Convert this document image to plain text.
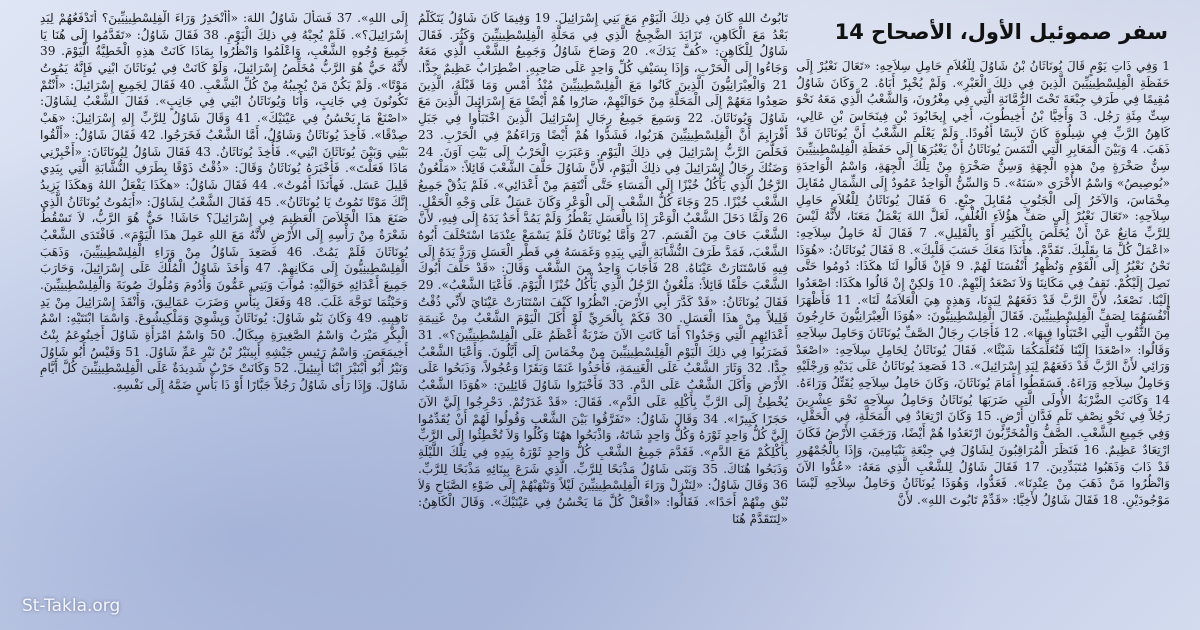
سفر صموئيل الأول، الأصحاح 14

1 وَفِي ذَاتِ يَوْمٍ قَالَ يُونَاثَانُ بْنُ شَاوُلَ لِلْغُلاَمِ حَامِلِ سِلاَحِهِ: «تَعَالَ نَعْبُرْ إِلَى حَفَظَةِ الْفِلِسْطِينِيِّينَ الَّذِينَ فِي ذلِكَ الْعَبْرِ». وَلَمْ يُخْبِرْ أَبَاهُ. 2 وَكَانَ شَاوُلُ مُقِيمًا فِي طَرَفِ جِبْعَةَ تَحْتَ الرُّمَّانَةِ الَّتِي فِي مِغْرُونَ، وَالشَّعْبُ الَّذِي مَعَهُ نَحْوَ سِتِّ مِئَةِ رَجُل. 3 وَأَخِيَّا بْنُ أَخِيطُوبَ، أَخِي إِيخَابُودَ بْنِ فِينَحَاسَ بْنِ عَالِي، كَاهِنُ الرَّبِّ فِي شِيلُوهَ كَانَ لاَبِسًا أَفُودًا. وَلَمْ يَعْلَمِ الشَّعْبُ أَنَّ يُونَاثَانَ قَدْ ذَهَبَ. 4 وَبَيْنَ الْمَعَابِرِ الَّتِي الْتَمَسَ يُونَاثَانُ أَنْ يَعْبُرَهَا إِلَى حَفَظَةِ الْفِلِسْطِينِيِّينَ سِنُّ صَخْرَةٍ مِنْ هذِهِ الْجِهَةِ وَسِنُّ صَخْرَةٍ مِنْ تِلْكَ الْجِهَةِ، وَاسْمُ الْوَاحِدَةِ «بُوصِيصُ» وَاسْمُ الأُخْرَى «سَنَهُ». 5 وَالسِّنُّ الْوَاحِدُ عَمُودٌ إِلَى الشِّمَالِ مُقَابِلَ مِخْمَاسَ، وَالآخَرُ إِلَى الْجَنُوبِ مُقَابِلَ جِبْعٍ. 6 فَقَالَ يُونَاثَانُ لِلْغُلاَمِ حَامِلِ سِلاَحِهِ: «تَعَالَ نَعْبُرْ إِلَى صَفِّ هؤُلاَءِ الْغُلْفِ، لَعَلَّ اللهَ يَعْمَلُ مَعَنَا، لأَنَّهُ لَيْسَ لِلرَّبِّ مَانِعٌ عَنْ أَنْ يُخَلِّصَ بِالْكَثِيرِ أَوْ بِالْقَلِيلِ». 7 فَقَالَ لَهُ حَامِلُ سِلاَحِهِ: «اعْمَلْ كُلَّ مَا بِقَلْبِكَ. تَقَدَّمْ. هأَنَذَا مَعَكَ حَسَبَ قَلْبِكَ». 8 فَقَالَ يُونَاثَانُ: «هُوَذَا نَحْنُ نَعْبُرُ إِلَى الْقَوْمِ وَنُظْهِرُ أَنْفُسَنَا لَهُمْ. 9 فَإِنْ قَالُوا لَنَا هكَذَا: دُومُوا حَتَّى نَصِلَ إِلَيْكُمْ. نَقِفُ فِي مَكَانِنَا وَلاَ نَصْعَدُ إِلَيْهِمْ. 10 وَلكِنْ إِنْ قَالُوا هكَذَا: اصْعَدُوا إِلَيْنَا. نَصْعَدُ، لأَنَّ الرَّبَّ قَدْ دَفَعَهُمْ لِيَدِنَا، وَهذِهِ هِيَ الْعَلاَمَةُ لَنَا». 11 فَأَظْهَرَا أَنْفُسَهُمَا لِصَفِّ الْفِلِسْطِينِيِّينَ. فَقَالَ الْفِلِسْطِينِيُّونَ: «هُوَذَا الْعِبْرَانِيُّونَ خَارِجُونَ مِنَ الثُّقُوبِ الَّتِي اخْتَبَأُوا فِيهَا». 12 فَأَجَابَ رِجَالُ الصَّفِّ يُونَاثَانَ وَحَامِلَ سِلاَحِهِ وَقَالُوا: «اصْعَدَا إِلَيْنَا فَنُعَلِّمَكُمَا شَيْئًا». فَقَالَ يُونَاثَانُ لِحَامِلِ سِلاَحِهِ: «اصْعَدْ وَرَائِي لأَنَّ الرَّبَّ قَدْ دَفَعَهُمْ لِيَدِ إِسْرَائِيلَ». 13 فَصَعِدَ يُونَاثَانُ عَلَى يَدَيْهِ وَرِجْلَيْهِ وَحَامِلُ سِلاَحِهِ وَرَاءَهُ. فَسَقَطُوا أَمَامَ يُونَاثَانَ، وَكَانَ حَامِلُ سِلاَحِهِ يُقَتِّلُ وَرَاءَهُ. 14 وَكَانَتِ الضَّرْبَةُ الأُولَى الَّتِي ضَرَبَهَا يُونَاثَانُ وَحَامِلُ سِلاَحِهِ نَحْوَ عِشْرِينَ رَجُلاً فِي نَحْوِ نِصْفِ تَلَمِ فَدَّانِ أَرْضٍ. 15 وَكَانَ ارْتِعَادٌ فِي الْمَحَلَّةِ، فِي الْحَقْلِ، وَفِي جَمِيعِ الشَّعْبِ. الصَّفُّ وَالْمُخَرِّبُونَ ارْتَعَدُوا هُمْ أَيْضًا، وَرَجَفَتِ الأَرْضُ فَكَانَ ارْتِعَادٌ عَظِيمٌ. 16 فَنَظَرَ الْمُرَاقِبُونَ لِشَاوُلَ فِي جِبْعَةِ بَنْيَامِينَ، وَإِذَا بِالْجُمْهُورِ قَدْ ذَابَ وَذَهَبُوا مُتَبَدِّدِينَ. 17 فَقَالَ شَاوُلُ لِلشَّعْبِ الَّذِي مَعَهُ: «عُدُّوا الآنَ وَانْظُرُوا مَنْ ذَهَبَ مِنْ عِنْدِنَا». فَعَدُّوا، وَهُوَذَا يُونَاثَانُ وَحَامِلُ سِلاَحِهِ لَيْسَا مَوْجُودَيْنِ. 18 فَقَالَ شَاوُلُ لأَخِيَّا: «قَدِّمْ تَابُوتَ اللهِ». لأَنَّ

تَابُوتُ اللهِ كَانَ فِي ذلِكَ الْيَوْمِ مَعَ بَنِي إِسْرَائِيلَ. 19 وَفِيمَا كَانَ شَاوُلُ يَتَكَلَّمُ بَعْدُ مَعَ الْكَاهِنِ، تَزَايَدَ الضَّجِيجُ الَّذِي فِي مَحَلَّةِ الْفِلِسْطِينِيِّينَ وَكَثُرَ. فَقَالَ شَاوُلُ لِلْكَاهِنِ: «كُفَّ يَدَكَ». 20 وَصَاحَ شَاوُلُ وَجَمِيعُ الشَّعْبِ الَّذِي مَعَهُ وَجَاءُوا إِلَى الْحَرْبِ، وَإِذَا بِسَيْفِ كُلِّ وَاحِدٍ عَلَى صَاحِبِهِ. اضْطِرَابٌ عَظِيمٌ جِدًّا. 21 وَالْعِبْرَانِيُّونَ الَّذِينَ كَانُوا مَعَ الْفِلِسْطِينِيِّينَ مُنْذُ أَمْسِ وَمَا قَبْلَهُ، الَّذِينَ صَعِدُوا مَعَهُمْ إِلَى الْمَحَلَّةِ مِنْ حَوَالَيْهِمْ، صَارُوا هُمْ أَيْضًا مَعَ إِسْرَائِيلَ الَّذِينَ مَعَ شَاوُلَ وَيُونَاثَانَ. 22 وَسَمِعَ جَمِيعُ رِجَالِ إِسْرَائِيلَ الَّذِينَ اخْتَبَأُوا فِي جَبَلِ أَفْرَايِمَ أَنَّ الْفِلِسْطِينِيِّينَ هَرَبُوا، فَشَدُّوا هُمْ أَيْضًا وَرَاءَهُمْ فِي الْحَرْبِ. 23 فَخَلَّصَ الرَّبُّ إِسْرَائِيلَ فِي ذلِكَ الْيَوْمِ. وَعَبَرَتِ الْحَرْبُ إِلَى بَيْتِ آوَنَ. 24 وَضَنُكَ رِجَالُ إِسْرَائِيلَ فِي ذلِكَ الْيَوْمِ، لأَنَّ شَاوُلَ حَلَّفَ الشَّعْبَ قَائِلاً: «مَلْعُونٌ الرَّجُلُ الَّذِي يَأْكُلُ خُبْزًا إِلَى الْمَسَاءِ حَتَّى أَنْتَقِمَ مِنْ أَعْدَائِي». فَلَمْ يَذُقْ جَمِيعُ الشَّعْبِ خُبْزًا. 25 وَجَاءَ كُلُّ الشَّعْبِ إِلَى الْوَعْرِ وَكَانَ عَسَلٌ عَلَى وَجْهِ الْحَقْلِ. 26 وَلَمَّا دَخَلَ الشَّعْبُ الْوَعْرَ إِذَا بِالْعَسَلِ يَقْطُرُ وَلَمْ يَمُدَّ أَحَدٌ يَدَهُ إِلَى فِيهِ، لأَنَّ الشَّعْبَ خَافَ مِنَ الْقَسَمِ. 27 وَأَمَّا يُونَاثَانُ فَلَمْ يَسْمَعْ عِنْدَمَا اسْتَحْلَفَ أَبُوهُ الشَّعْبَ، فَمَدَّ طَرَفَ النُّشَّابَةِ الَّتِي بِيَدِهِ وَغَمَسَهُ فِي قَطْرِ الْعَسَلِ وَرَدَّ يَدَهُ إِلَى فِيهِ فَاسْتَنَارَتْ عَيْنَاهُ. 28 فَأَجَابَ وَاحِدٌ مِنَ الشَّعْبِ وَقَالَ: «قَدْ حَلَّفَ أَبُوكَ الشَّعْبَ حَلْفًا قَائِلاً: مَلْعُونٌ الرَّجُلُ الَّذِي يَأْكُلُ خُبْزًا الْيَوْمَ. فَأَعْيَا الشَّعْبُ». 29 فَقَالَ يُونَاثَانُ: «قَدْ كَدَّرَ أَبِي الأَرْضَ. انْظُرُوا كَيْفَ اسْتَنَارَتْ عَيْنَايَ لأَنِّي ذُقْتُ قَلِيلاً مِنْ هذَا الْعَسَلِ. 30 فَكَمْ بِالْحَرِيِّ لَوْ أَكَلَ الْيَوْمَ الشَّعْبُ مِنْ غَنِيمَةِ أَعْدَائِهِمِ الَّتِي وَجَدُوا؟ أَمَا كَانَتِ الآنَ ضَرْبَةٌ أَعْظَمُ عَلَى الْفِلِسْطِينِيِّينَ؟». 31 فَضَرَبُوا فِي ذلِكَ الْيَوْمِ الْفِلِسْطِينِيِّينَ مِنْ مِخْمَاسَ إِلَى أَيَّلُونَ. وَأَعْيَا الشَّعْبُ جِدًّا. 32 وَثَارَ الشَّعْبُ عَلَى الْغَنِيمَةِ، فَأَخَذُوا غَنَمًا وَبَقَرًا وَعُجُولاً، وَذَبَحُوا عَلَى الأَرْضِ وَأَكَلَ الشَّعْبُ عَلَى الدَّمِ. 33 فَأَخْبَرُوا شَاوُلَ قَائِلِينَ: «هُوَذَا الشَّعْبُ يُخْطِئُ إِلَى الرَّبِّ بِأَكْلِهِ عَلَى الدَّمِ». فَقَالَ: «قَدْ غَدَرْتُمْ. دَحْرِجُوا إِلَيَّ الآنَ حَجَرًا كَبِيرًا». 34 وَقَالَ شَاوُلُ: «تَفَرَّقُوا بَيْنَ الشَّعْبِ وَقُولُوا لَهُمْ أَنْ يُقَدِّمُوا إِلَيَّ كُلُّ وَاحِدٍ ثَوْرَهُ وَكُلُّ وَاحِدٍ شَاتَهُ، وَاذْبَحُوا ههُنَا وَكُلُوا وَلاَ تُخْطِئُوا إِلَى الرَّبِّ بِأَكْلِكُمْ مَعَ الدَّمِ». فَقَدَّمَ جَمِيعُ الشَّعْبِ كُلُّ وَاحِدٍ ثَوْرَهُ بِيَدِهِ فِي تِلْكَ اللَّيْلَةِ وَذَبَحُوا هُنَاكَ. 35 وَبَنَى شَاوُلُ مَذْبَحًا لِلرَّبِّ. الَّذِي شَرَعَ بِبِنَائِهِ مَذْبَحًا لِلرَّبِّ. 36 وَقَالَ شَاوُلُ: «لِنَنْزِلْ وَرَاءَ الْفِلِسْطِينِيِّينَ لَيْلاً وَنَنْهَبْهُمْ إِلَى ضَوْءِ الصَّبَاحِ وَلاَ نُبْقِ مِنْهُمْ أَحَدًا». فَقَالُوا: «افْعَلْ كُلَّ مَا يَحْسُنُ فِي عَيْنَيْكَ». وَقَالَ الْكَاهِنُ: «لِنَتَقَدَّمْ هُنَا

إِلَى اللهِ». 37 فَسَأَلَ شَاوُلُ اللهَ: «أَأَنْحَدِرُ وَرَاءَ الْفِلِسْطِينِيِّينَ؟ أَتَدْفَعُهُمْ لِيَدِ إِسْرَائِيلَ؟». فَلَمْ يُجِبْهُ فِي ذلِكَ الْيَوْمِ. 38 فَقَالَ شَاوُلُ: «تَقَدَّمُوا إِلَى هُنَا يَا جَمِيعَ وُجُوهِ الشَّعْبِ، وَاعْلَمُوا وَانْظُرُوا بِمَاذَا كَانَتْ هذِهِ الْخَطِيَّةُ الْيَوْمَ. 39 لأَنَّهُ حَيٌّ هُوَ الرَّبُّ مُخَلِّصُ إِسْرَائِيلَ، وَلَوْ كَانَتْ فِي يُونَاثَانَ ابْنِي فَإِنَّهُ يَمُوتُ مَوْتًا». وَلَمْ يَكُنْ مَنْ يُجِيبُهُ مِنْ كُلِّ الشَّعْبِ. 40 فَقَالَ لِجَمِيعِ إِسْرَائِيلَ: «أَنْتُمْ تَكُونُونَ فِي جَانِبٍ، وَأَنَا وَيُونَاثَانُ ابْنِي فِي جَانِبٍ». فَقَالَ الشَّعْبُ لِشَاوُلَ: «اصْنَعْ مَا يَحْسُنُ فِي عَيْنَيْكَ». 41 وَقَالَ شَاوُلُ لِلرَّبِّ إِلهِ إِسْرَائِيلَ: «هَبْ صِدْقًا». فَأُخِذَ يُونَاثَانُ وَشَاوُلُ، أَمَّا الشَّعْبُ فَخَرَجُوا. 42 فَقَالَ شَاوُلُ: «أَلْقُوا بَيْنِي وَبَيْنَ يُونَاثَانَ ابْنِي». فَأُخِذَ يُونَاثَانُ. 43 فَقَالَ شَاوُلُ لِيُونَاثَانَ: «أَخْبِرْنِي مَاذَا فَعَلْتَ». فَأَخْبَرَهُ يُونَاثَانُ وَقَالَ: «ذُقْتُ ذَوْقًا بِطَرَفِ النُّشَّابَةِ الَّتِي بِيَدِي قَلِيلَ عَسَل. فَهأَنَذَا أَمُوتُ». 44 فَقَالَ شَاوُلُ: «هكَذَا يَفْعَلُ اللهُ وَهكَذَا يَزِيدُ إِنَّكَ مَوْتًا تَمُوتُ يَا يُونَاثَانُ». 45 فَقَالَ الشَّعْبُ لِشَاوُلَ: «أَيَمُوتُ يُونَاثَانُ الَّذِي صَنَعَ هذَا الْخَلاَصَ الْعَظِيمَ فِي إِسْرَائِيلَ؟ حَاشَا! حَيٌّ هُوَ الرَّبُّ، لاَ تَسْقُطُ شَعْرَةٌ مِنْ رَأْسِهِ إِلَى الأَرْضِ لأَنَّهُ مَعَ اللهِ عَمِلَ هذَا الْيَوْمَ». فَافْتَدَى الشَّعْبُ يُونَاثَانَ فَلَمْ يَمُتْ. 46 فَصَعِدَ شَاوُلُ مِنْ وَرَاءِ الْفِلِسْطِينِيِّينَ، وَذَهَبَ الْفِلِسْطِينِيُّونَ إِلَى مَكَانِهِمْ. 47 وَأَخَذَ شَاوُلُ الْمُلْكَ عَلَى إِسْرَائِيلَ، وَحَارَبَ جَمِيعَ أَعْدَائِهِ حَوَالَيْهِ: مُوآبَ وَبَنِي عَمُّونَ وَأَدُومَ وَمُلُوكَ صُوبَةَ وَالْفِلِسْطِينِيِّينَ. وَحَيْثُمَا تَوَجَّهَ غَلَبَ. 48 وَفَعَلَ بِبَأْسٍ وَضَرَبَ عَمَالِيقَ، وَأَنْقَذَ إِسْرَائِيلَ مِنْ يَدِ نَاهِبِيهِ. 49 وَكَانَ بَنُو شَاوُلَ: يُونَاثَانَ وَيِشْوِيَ وَمَلْكِيشُوعَ. وَاسْمَا ابْنَتَيْهِ: اسْمُ الْبِكْرِ مَيْرَبُ وَاسْمُ الصَّغِيرَةِ مِيكَالُ. 50 وَاسْمُ امْرَأَةِ شَاوُلَ أَخِينُوعَمُ بِنْتُ أَخِيمَعَصَ. وَاسْمُ رَئِيسِ جَيْشِهِ أَبِينَيْرُ بْنُ نَيْرٍ عَمِّ شَاوُلَ. 51 وَقَيْسُ أَبُو شَاوُلَ وَنَيْرُ أَبُو أَبْنَيْرَ ابْنَا أَبِيئِيلَ. 52 وَكَانَتْ حَرْبٌ شَدِيدَةٌ عَلَى الْفِلِسْطِينِيِّينَ كُلَّ أَيَّامِ شَاوُلَ. وَإِذَا رَأَى شَاوُلُ رَجُلاً جَبَّارًا أَوْ ذَا بَأْسٍ ضَمَّهُ إِلَى نَفْسِهِ.

St-Takla.org
